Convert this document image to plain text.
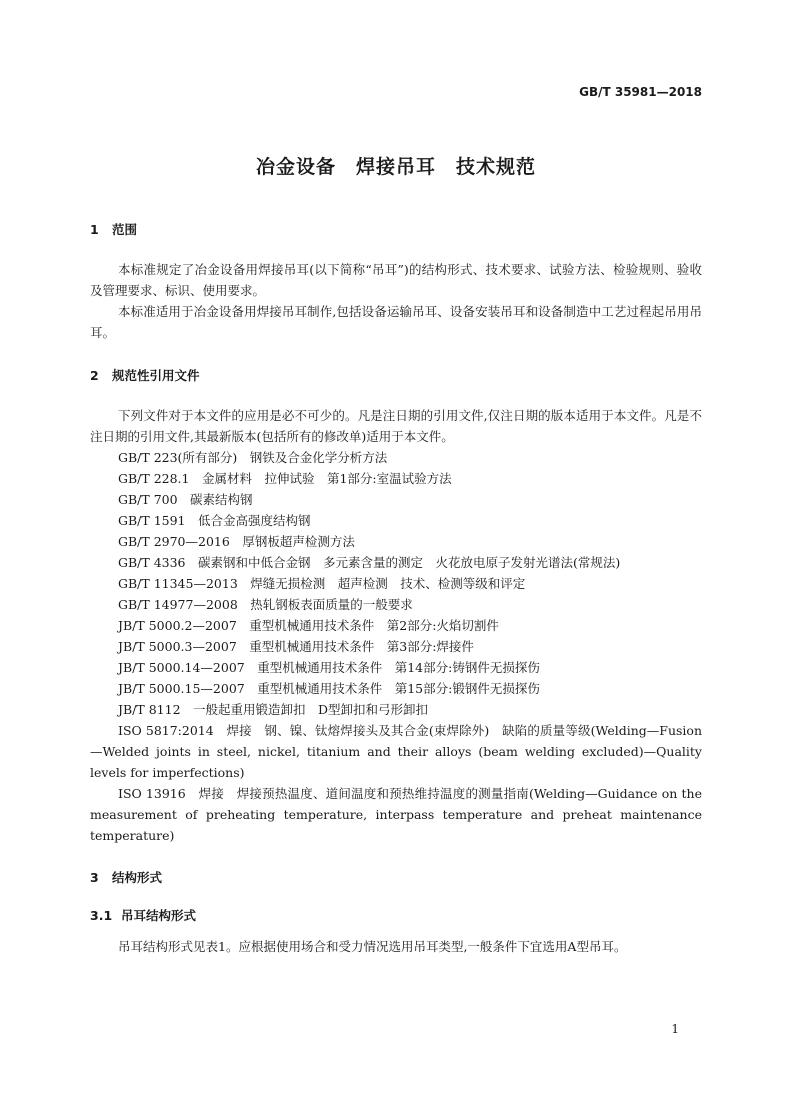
GB/T 35981—2018
冶金设备　焊接吊耳　技术规范
1 范围
本标准规定了冶金设备用焊接吊耳(以下简称“吊耳”)的结构形式、技术要求、试验方法、检验规则、验收及管理要求、标识、使用要求。
本标准适用于冶金设备用焊接吊耳制作,包括设备运输吊耳、设备安装吊耳和设备制造中工艺过程起吊用吊耳。
2 规范性引用文件
下列文件对于本文件的应用是必不可少的。凡是注日期的引用文件,仅注日期的版本适用于本文件。凡是不注日期的引用文件,其最新版本(包括所有的修改单)适用于本文件。
GB/T 223(所有部分)　钢铁及合金化学分析方法
GB/T 228.1　金属材料　拉伸试验　第1部分:室温试验方法
GB/T 700　碳素结构钢
GB/T 1591　低合金高强度结构钢
GB/T 2970—2016　厚钢板超声检测方法
GB/T 4336　碳素钢和中低合金钢　多元素含量的测定　火花放电原子发射光谱法(常规法)
GB/T 11345—2013　焊缝无损检测　超声检测　技术、检测等级和评定
GB/T 14977—2008　热轧钢板表面质量的一般要求
JB/T 5000.2—2007　重型机械通用技术条件　第2部分:火焰切割件
JB/T 5000.3—2007　重型机械通用技术条件　第3部分:焊接件
JB/T 5000.14—2007　重型机械通用技术条件　第14部分:铸钢件无损探伤
JB/T 5000.15—2007　重型机械通用技术条件　第15部分:锻钢件无损探伤
JB/T 8112　一般起重用锻造卸扣　D型卸扣和弓形卸扣
ISO 5817:2014　焊接　钢、镍、钛熔焊接头及其合金(束焊除外)　缺陷的质量等级(Welding—Fusion—Welded joints in steel, nickel, titanium and their alloys (beam welding excluded)—Quality levels for imperfections)
ISO 13916　焊接　焊接预热温度、道间温度和预热维持温度的测量指南(Welding—Guidance on the measurement of preheating temperature, interpass temperature and preheat maintenance temperature)
3 结构形式
3.1 吊耳结构形式
吊耳结构形式见表1。应根据使用场合和受力情况选用吊耳类型,一般条件下宜选用A型吊耳。
1
